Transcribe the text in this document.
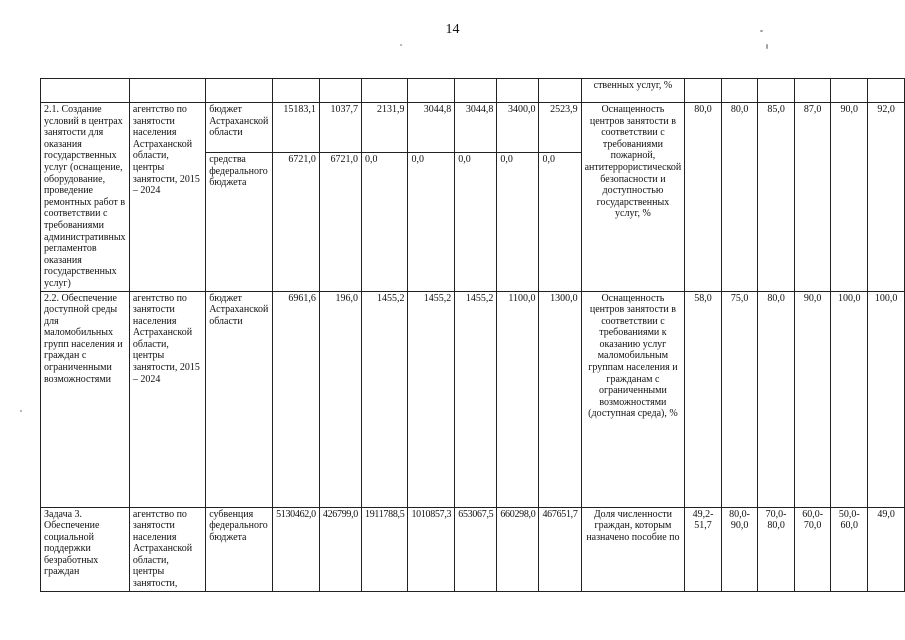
14
										ственных услуг, %						
2.1. Создание условий в центрах занятости для оказания государственных услуг (оснащение, оборудование, проведение ремонтных работ в соответствии с требованиями административных регламентов оказания государственных услуг)	агентство по занятости населения Астраханской области, центры занятости, 2015 – 2024	бюджет Астраханской области	15183,1	1037,7	2131,9	3044,8	3044,8	3400,0	2523,9	Оснащенность центров занятости в соответствии с требованиями пожарной, антитеррористической безопасности и доступностью государственных услуг, %	80,0	80,0	85,0	87,0	90,0	92,0
		средства федерального бюджета	6721,0	6721,0	0,0	0,0	0,0	0,0	0,0							
2.2. Обеспечение доступной среды для маломобильных групп населения и граждан с ограниченными возможностями	агентство по занятости населения Астраханской области, центры занятости, 2015 – 2024	бюджет Астраханской области	6961,6	196,0	1455,2	1455,2	1455,2	1100,0	1300,0	Оснащенность центров занятости в соответствии с требованиями к оказанию услуг маломобильным группам населения и гражданам с ограниченными возможностями (доступная среда), %	58,0	75,0	80,0	90,0	100,0	100,0
Задача 3. Обеспечение социальной поддержки безработных граждан	агентство по занятости населения Астраханской области, центры занятости,	субвенция федерального бюджета	5130462,0	426799,0	1911788,5	1010857,3	653067,5	660298,0	467651,7	Доля численности граждан, которым назначено пособие по	49,2-51,7	80,0-90,0	70,0-80,0	60,0-70,0	50,0-60,0	49,0
